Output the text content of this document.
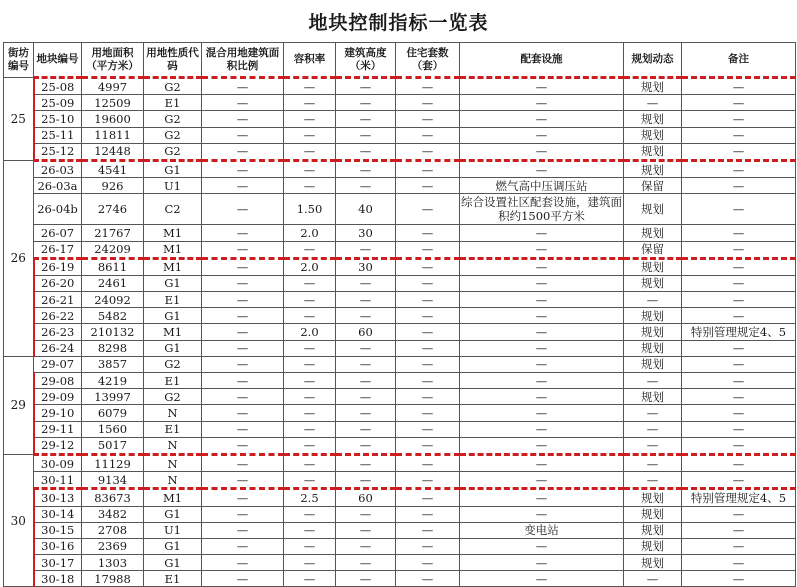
地块控制指标一览表
街坊编号	地块编号	用地面积（平方米）	用地性质代码	混合用地建筑面积比例	容积率	建筑高度（米）	住宅套数（套）	配套设施	规划动态	备注
25	25-08	4997	G2	—	—	—	—	—	规划	—
	25-09	12509	E1	—	—	—	—	—	—	—
	25-10	19600	G2	—	—	—	—	—	规划	—
	25-11	11811	G2	—	—	—	—	—	规划	—
	25-12	12448	G2	—	—	—	—	—	规划	—
26	26-03	4541	G1	—	—	—	—	—	规划	—
	26-03a	926	U1	—	—	—	—	燃气高中压调压站	保留	—
	26-04b	2746	C2	—	1.50	40	—	综合设置社区配套设施，建筑面积约1500平方米	规划	—
	26-07	21767	M1	—	2.0	30	—	—	规划	—
	26-17	24209	M1	—	—	—	—	—	保留	—
	26-19	8611	M1	—	2.0	30	—	—	规划	—
	26-20	2461	G1	—	—	—	—	—	规划	—
	26-21	24092	E1	—	—	—	—	—	—	—
	26-22	5482	G1	—	—	—	—	—	规划	—
	26-23	210132	M1	—	2.0	60	—	—	规划	特别管理规定4、5
	26-24	8298	G1	—	—	—	—	—	规划	—
29	29-07	3857	G2	—	—	—	—	—	规划	—
	29-08	4219	E1	—	—	—	—	—	—	—
	29-09	13997	G2	—	—	—	—	—	规划	—
	29-10	6079	N	—	—	—	—	—	—	—
	29-11	1560	E1	—	—	—	—	—	—	—
	29-12	5017	N	—	—	—	—	—	—	—
30	30-09	11129	N	—	—	—	—	—	—	—
	30-11	9134	N	—	—	—	—	—	—	—
	30-13	83673	M1	—	2.5	60	—	—	规划	特别管理规定4、5
	30-14	3482	G1	—	—	—	—	—	规划	—
	30-15	2708	U1	—	—	—	—	变电站	规划	—
	30-16	2369	G1	—	—	—	—	—	规划	—
	30-17	1303	G1	—	—	—	—	—	规划	—
	30-18	17988	E1	—	—	—	—	—	—	—
